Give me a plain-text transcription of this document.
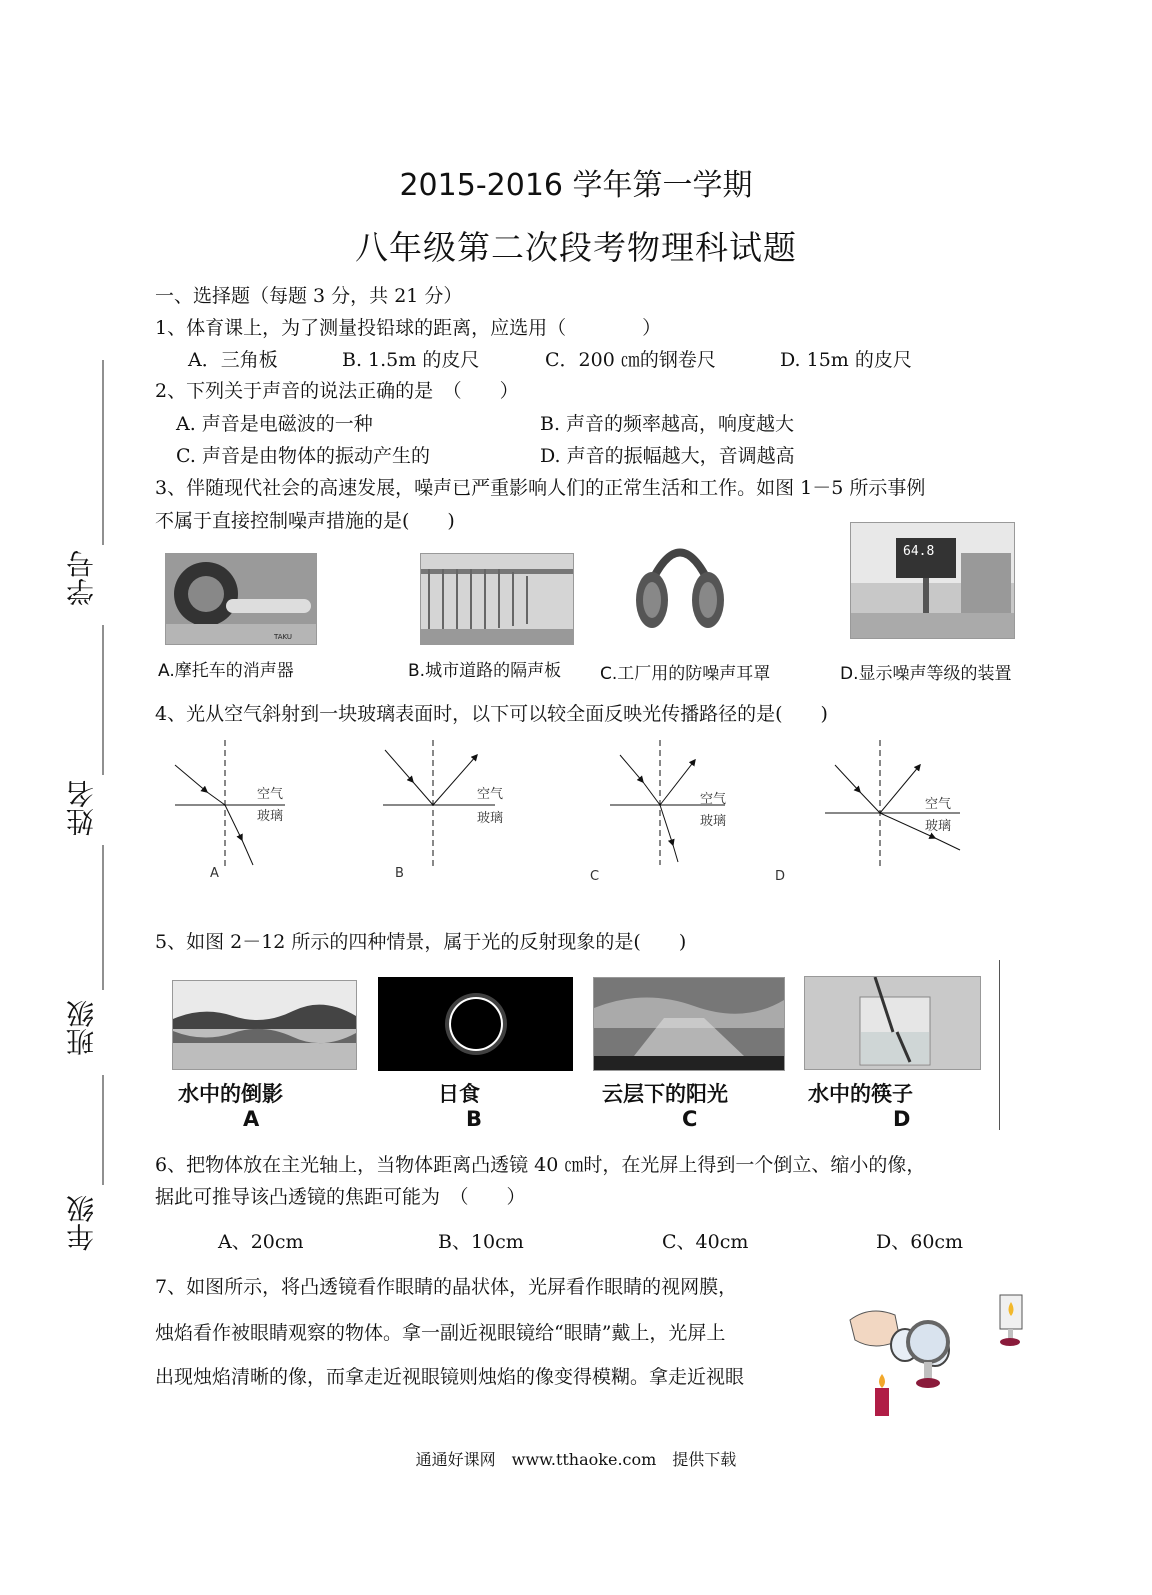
2015-2016 学年第一学期
八年级第二次段考物理科试题
学号
姓名
班级
年级
一、选择题（每题 3 分，共 21 分）
1、体育课上，为了测量投铅球的距离，应选用（　　　　）
A．三角板	B. 1.5m 的皮尺	C．200 ㎝的钢卷尺	D. 15m 的皮尺
2、下列关于声音的说法正确的是　（　　）
A. 声音是电磁波的一种	B. 声音的频率越高，响度越大
C. 声音是由物体的振动产生的	D. 声音的振幅越大，音调越高
3、伴随现代社会的高速发展，噪声已严重影响人们的正常生活和工作。如图 1－5 所示事例
不属于直接控制噪声措施的是(　　)
TAKU
64.8
A.摩托车的消声器	B.城市道路的隔声板 C.工厂用的防噪声耳罩	D.显示噪声等级的装置
4、光从空气斜射到一块玻璃表面时，以下可以较全面反映光传播路径的是(　　)
空气
玻璃
A
空气
玻璃
B
空气
玻璃
C
空气
玻璃
D
5、如图 2－12 所示的四种情景，属于光的反射现象的是(　　)
水中的倒影	日食	云层下的阳光	水中的筷子
A	B	C	D
6、把物体放在主光轴上，当物体距离凸透镜 40 ㎝时，在光屏上得到一个倒立、缩小的像，
据此可推导该凸透镜的焦距可能为　（　　）
A、20cm	B、10cm	C、40cm	D、60cm
7、如图所示，将凸透镜看作眼睛的晶状体，光屏看作眼睛的视网膜，
烛焰看作被眼睛观察的物体。拿一副近视眼镜给“眼睛”戴上，光屏上
出现烛焰清晰的像，而拿走近视眼镜则烛焰的像变得模糊。拿走近视眼
通通好课网　www.tthaoke.com　提供下载
